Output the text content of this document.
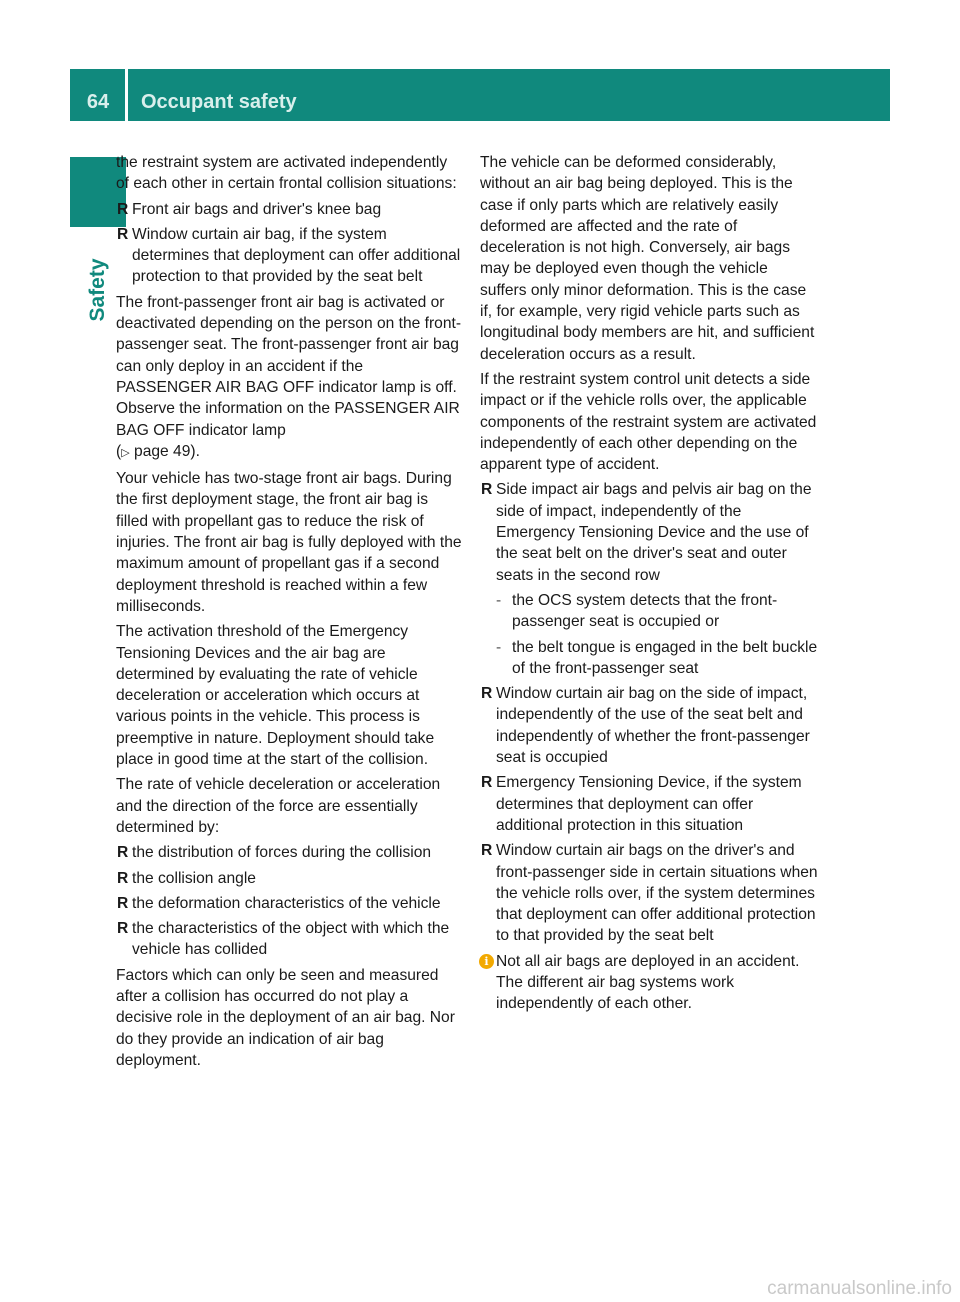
64	Occupant safety
Safety

the restraint system are activated independently of each other in certain frontal collision situations:

R Front air bags and driver's knee bag
R Window curtain air bag, if the system determines that deployment can offer additional protection to that provided by the seat belt

The front-passenger front air bag is activated or deactivated depending on the person on the front-passenger seat. The front-passenger front air bag can only deploy in an accident if the PASSENGER AIR BAG OFF indicator lamp is off. Observe the information on the PASSENGER AIR BAG OFF indicator lamp
(▷ page 49).

Your vehicle has two-stage front air bags. During the first deployment stage, the front air bag is filled with propellant gas to reduce the risk of injuries. The front air bag is fully deployed with the maximum amount of propellant gas if a second deployment threshold is reached within a few milliseconds.

The activation threshold of the Emergency Tensioning Devices and the air bag are determined by evaluating the rate of vehicle deceleration or acceleration which occurs at various points in the vehicle. This process is preemptive in nature. Deployment should take place in good time at the start of the collision.

The rate of vehicle deceleration or acceleration and the direction of the force are essentially determined by:

R the distribution of forces during the collision
R the collision angle
R the deformation characteristics of the vehicle
R the characteristics of the object with which the vehicle has collided

Factors which can only be seen and measured after a collision has occurred do not play a decisive role in the deployment of an air bag. Nor do they provide an indication of air bag deployment.

The vehicle can be deformed considerably, without an air bag being deployed. This is the case if only parts which are relatively easily deformed are affected and the rate of deceleration is not high. Conversely, air bags may be deployed even though the vehicle suffers only minor deformation. This is the case if, for example, very rigid vehicle parts such as longitudinal body members are hit, and sufficient deceleration occurs as a result.

If the restraint system control unit detects a side impact or if the vehicle rolls over, the applicable components of the restraint system are activated independently of each other depending on the apparent type of accident.

R Side impact air bags and pelvis air bag on the side of impact, independently of the Emergency Tensioning Device and the use of the seat belt on the driver's seat and outer seats in the second row
- the OCS system detects that the front-passenger seat is occupied or
- the belt tongue is engaged in the belt buckle of the front-passenger seat
R Window curtain air bag on the side of impact, independently of the use of the seat belt and independently of whether the front-passenger seat is occupied
R Emergency Tensioning Device, if the system determines that deployment can offer additional protection in this situation
R Window curtain air bags on the driver's and front-passenger side in certain situations when the vehicle rolls over, if the system determines that deployment can offer additional protection to that provided by the seat belt

i Not all air bags are deployed in an accident. The different air bag systems work independently of each other.

carmanualsonline.info
